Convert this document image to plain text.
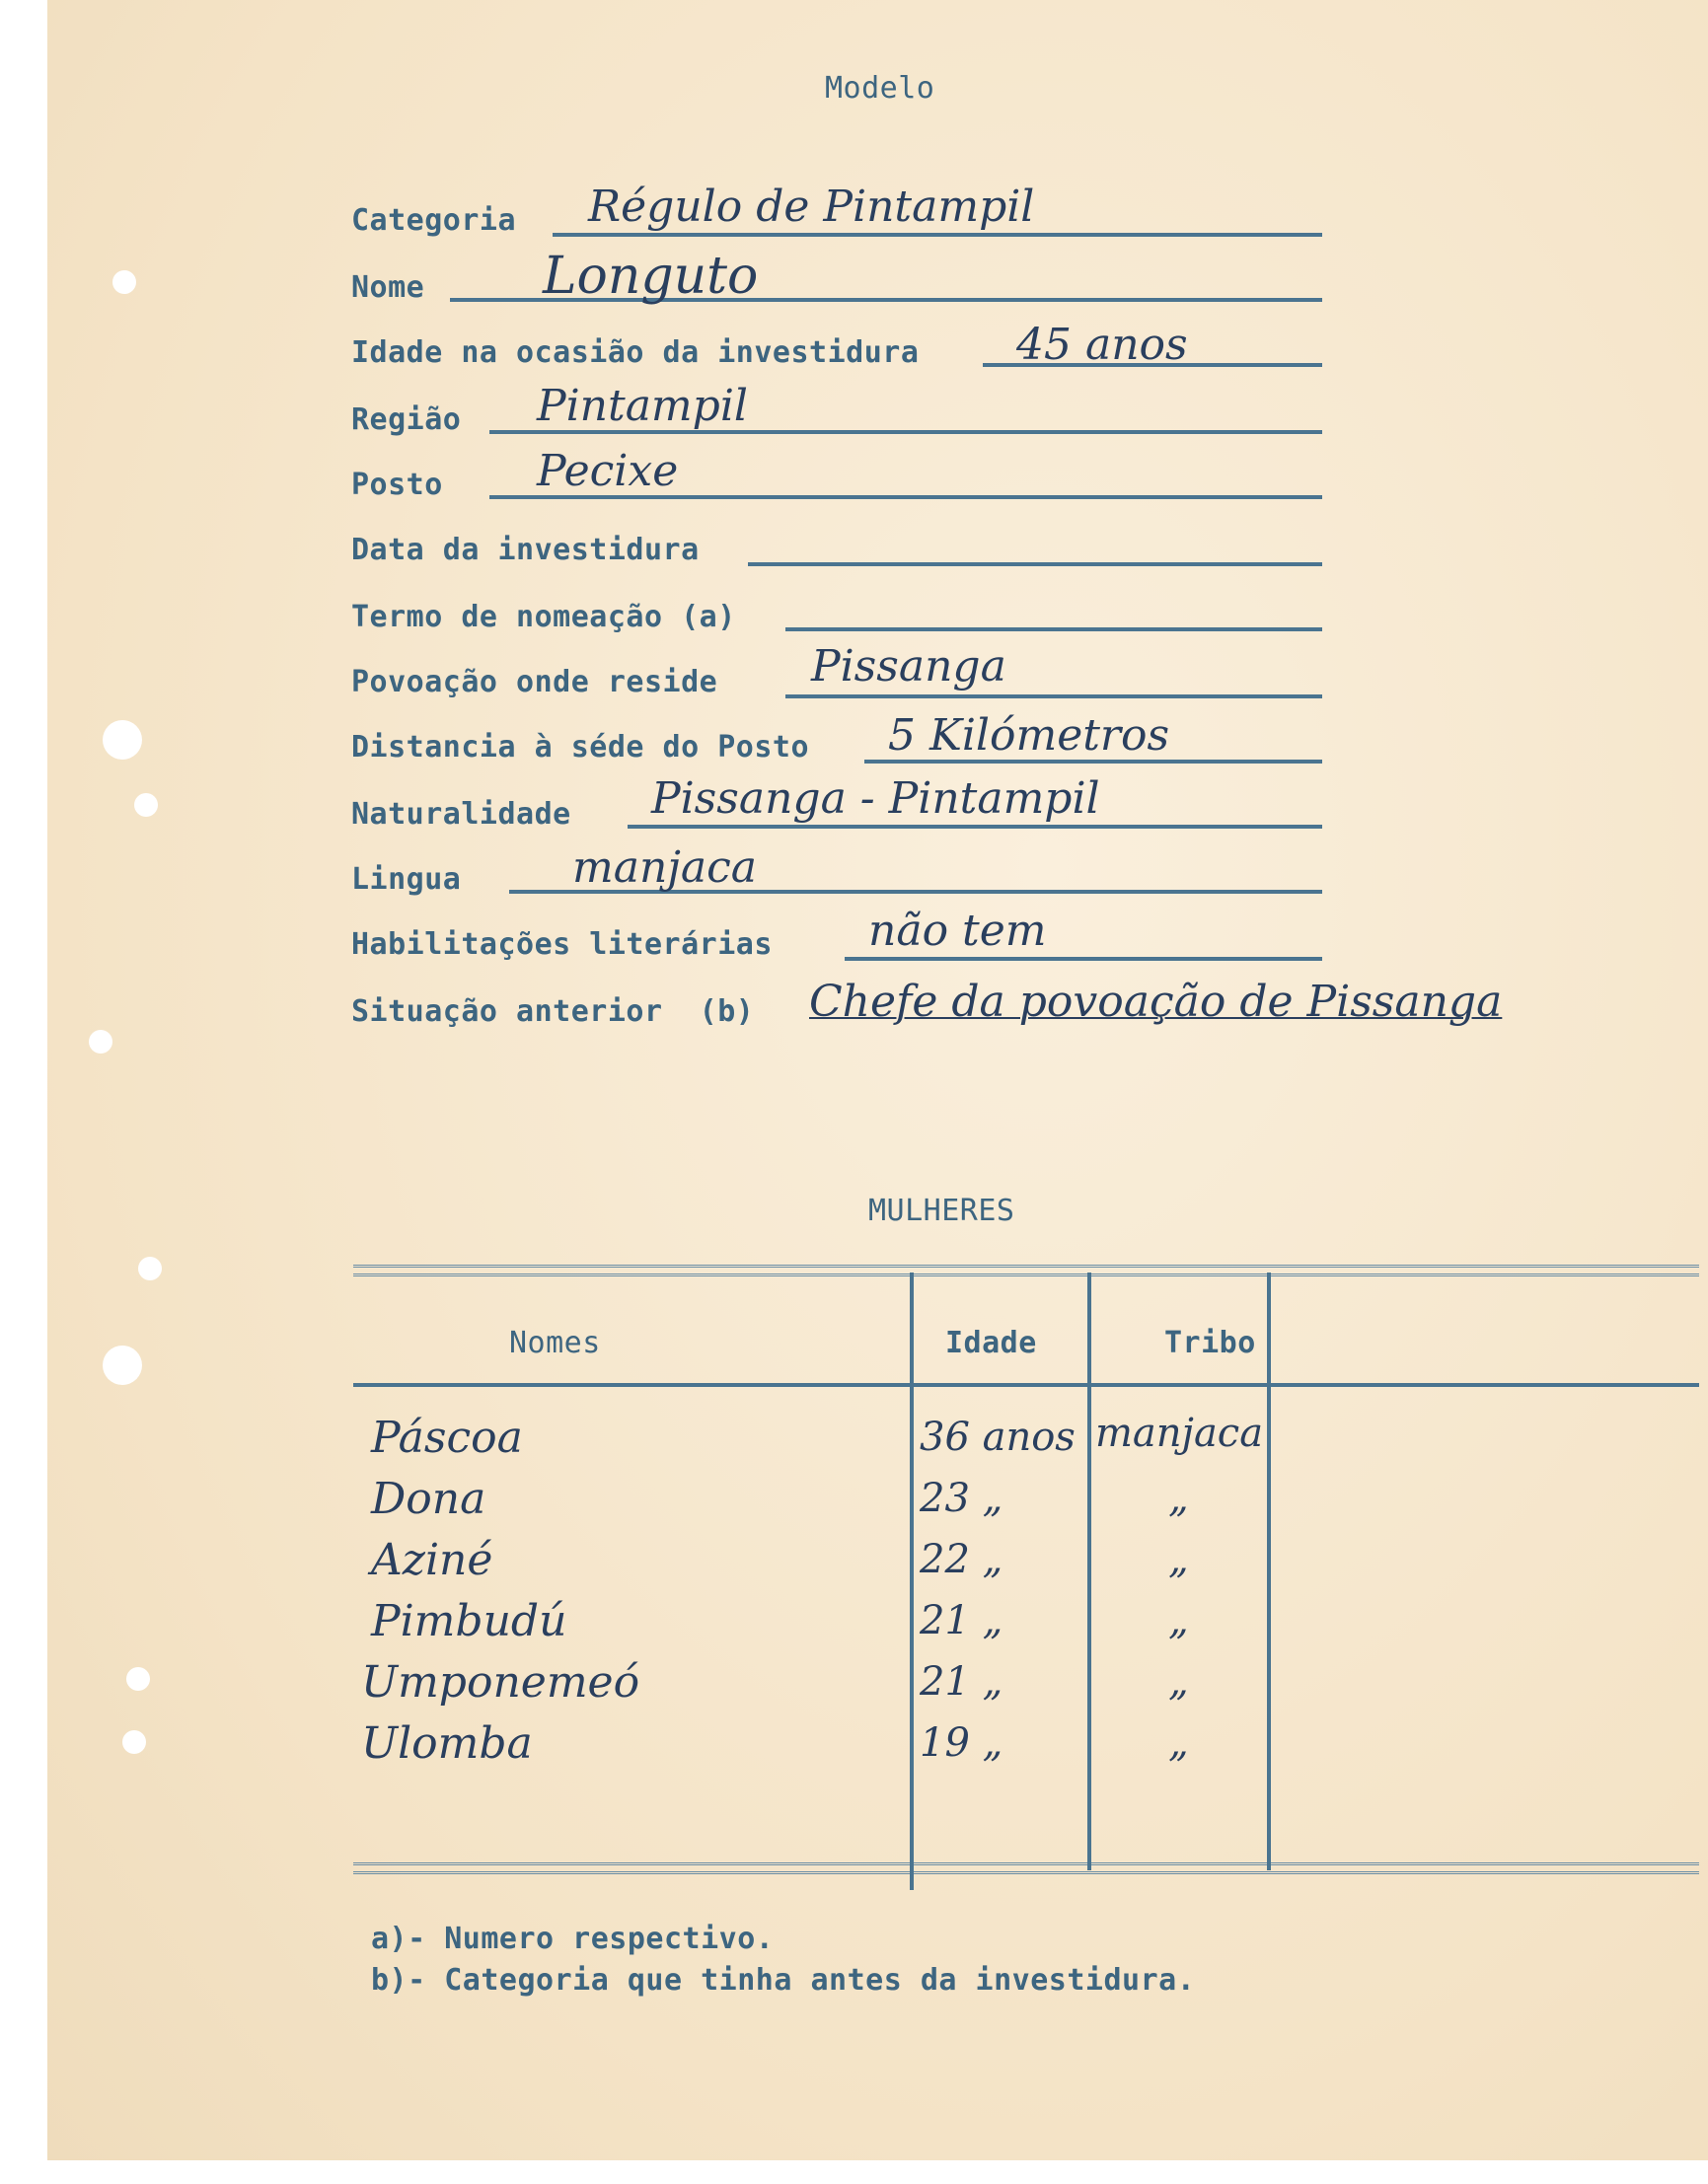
Modelo
Categoria Régulo de Pintampil
Nome Longuto
Idade na ocasião da investidura 45 anos
Região Pintampil
Posto Pecixe
Data da investidura
Termo de nomeação (a)
Povoação onde reside Pissanga
Distancia à séde do Posto 5 Kilómetros
Naturalidade Pissanga - Pintampil
Lingua	manjaca
Habilitações literárias não tem
Situação anterior  (b) Chefe da povoação de Pissanga
MULHERES
Nomes	Idade	Tribo
Páscoa	36 anos manjaca
Dona	23 „	„
Aziné	22 „	„
Pimbudú	21 „	„
Umponemeó	21 „	„
Ulomba	19 „	„
a)- Numero respectivo.
b)- Categoria que tinha antes da investidura.
